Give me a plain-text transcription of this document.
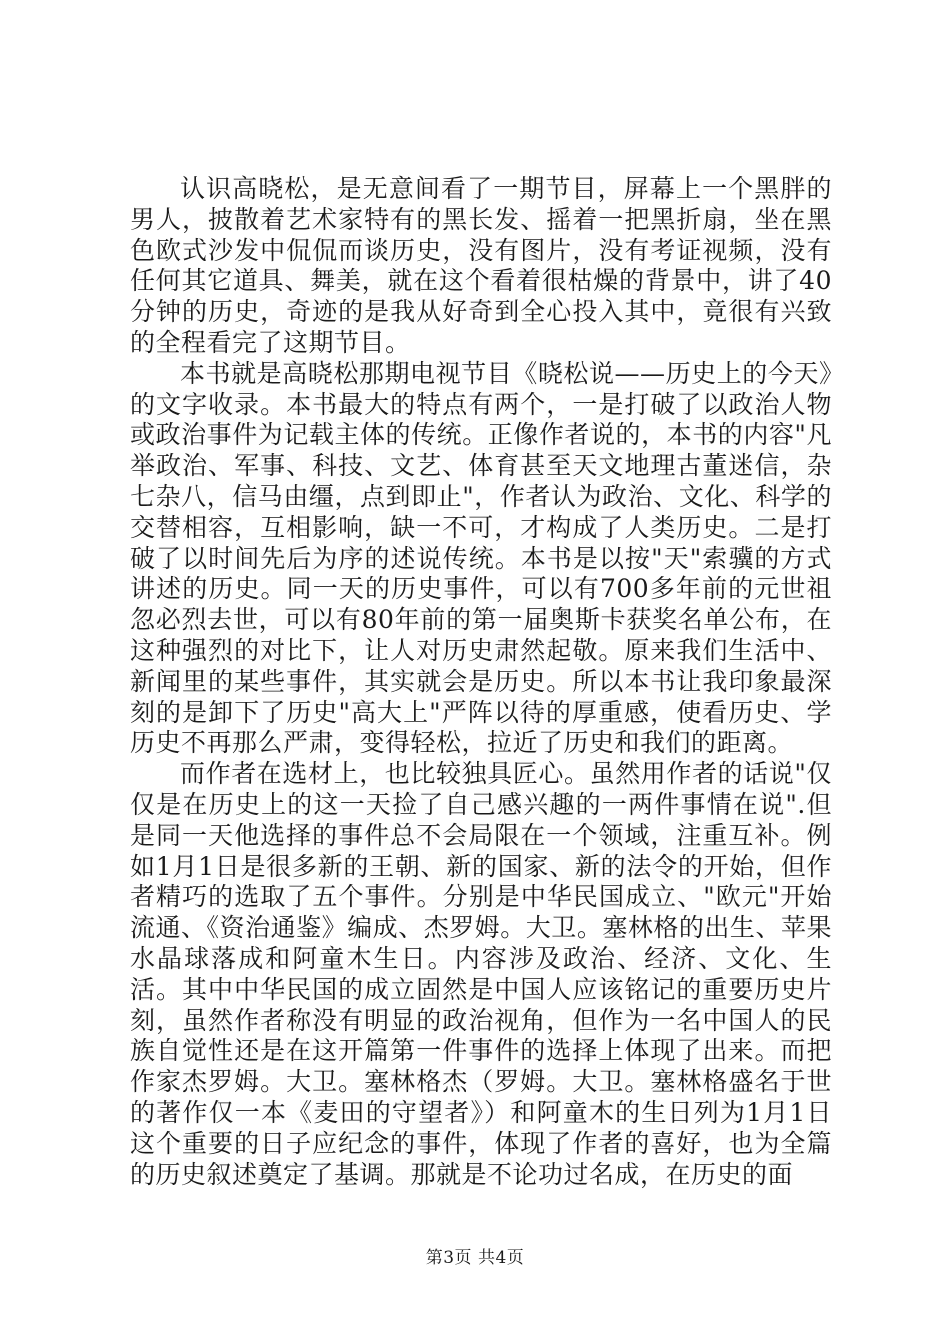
认识高晓松，是无意间看了一期节目，屏幕上一个黑胖的男人，披散着艺术家特有的黑长发、摇着一把黑折扇，坐在黑色欧式沙发中侃侃而谈历史，没有图片，没有考证视频，没有任何其它道具、舞美，就在这个看着很枯燥的背景中，讲了40分钟的历史，奇迹的是我从好奇到全心投入其中，竟很有兴致的全程看完了这期节目。

本书就是高晓松那期电视节目《晓松说——历史上的今天》的文字收录。本书最大的特点有两个，一是打破了以政治人物或政治事件为记载主体的传统。正像作者说的，本书的内容"凡举政治、军事、科技、文艺、体育甚至天文地理古董迷信，杂七杂八，信马由缰，点到即止"，作者认为政治、文化、科学的交替相容，互相影响，缺一不可，才构成了人类历史。二是打破了以时间先后为序的述说传统。本书是以按"天"索骥的方式讲述的历史。同一天的历史事件，可以有700多年前的元世祖忽必烈去世，可以有80年前的第一届奥斯卡获奖名单公布，在这种强烈的对比下，让人对历史肃然起敬。原来我们生活中、新闻里的某些事件，其实就会是历史。所以本书让我印象最深刻的是卸下了历史"高大上"严阵以待的厚重感，使看历史、学历史不再那么严肃，变得轻松，拉近了历史和我们的距离。

而作者在选材上，也比较独具匠心。虽然用作者的话说"仅仅是在历史上的这一天捡了自己感兴趣的一两件事情在说".但是同一天他选择的事件总不会局限在一个领域，注重互补。例如1月1日是很多新的王朝、新的国家、新的法令的开始，但作者精巧的选取了五个事件。分别是中华民国成立、"欧元"开始流通、《资治通鉴》编成、杰罗姆。大卫。塞林格的出生、苹果水晶球落成和阿童木生日。内容涉及政治、经济、文化、生活。其中中华民国的成立固然是中国人应该铭记的重要历史片刻，虽然作者称没有明显的政治视角，但作为一名中国人的民族自觉性还是在这开篇第一件事件的选择上体现了出来。而把作家杰罗姆。大卫。塞林格杰（罗姆。大卫。塞林格盛名于世的著作仅一本《麦田的守望者》）和阿童木的生日列为1月1日这个重要的日子应纪念的事件，体现了作者的喜好，也为全篇的历史叙述奠定了基调。那就是不论功过名成，在历史的面

第3页 共4页
